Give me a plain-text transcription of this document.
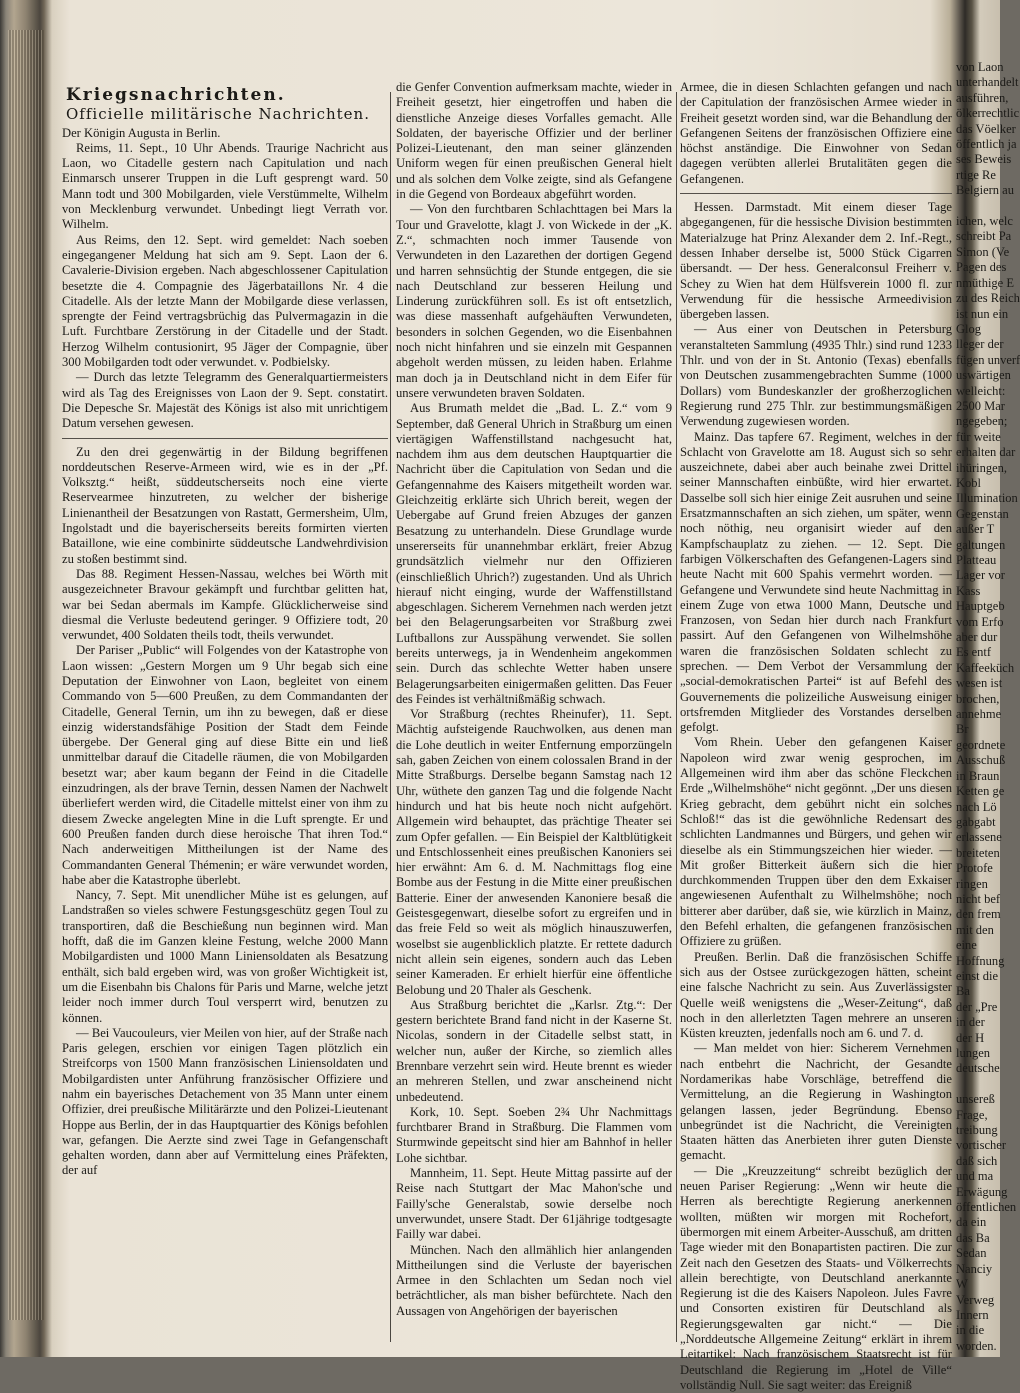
Kriegsnachrichten.
Officielle militärische Nachrichten.

Der Königin Augusta in Berlin.

Reims, 11. Sept., 10 Uhr Abends. Traurige Nachricht aus Laon, wo Citadelle gestern nach Capitulation und nach Einmarsch unserer Truppen in die Luft gesprengt ward. 50 Mann todt und 300 Mobilgarden, viele Verstümmelte, Wilhelm von Mecklenburg verwundet. Unbedingt liegt Verrath vor. Wilhelm.

Aus Reims, den 12. Sept. wird gemeldet: Nach soeben eingegangener Meldung hat sich am 9. Sept. Laon der 6. Cavalerie-Division ergeben. Nach abgeschlossener Capitulation besetzte die 4. Compagnie des Jägerbataillons Nr. 4 die Citadelle. Als der letzte Mann der Mobilgarde diese verlassen, sprengte der Feind vertragsbrüchig das Pulvermagazin in die Luft. Furchtbare Zerstörung in der Citadelle und der Stadt. Herzog Wilhelm contusionirt, 95 Jäger der Compagnie, über 300 Mobilgarden todt oder verwundet. v. Podbielsky.

— Durch das letzte Telegramm des Generalquartiermeisters wird als Tag des Ereignisses von Laon der 9. Sept. constatirt. Die Depesche Sr. Majestät des Königs ist also mit unrichtigem Datum versehen gewesen.

Zu den drei gegenwärtig in der Bildung begriffenen norddeutschen Reserve-Armeen wird, wie es in der „Pf. Volksztg.“ heißt, süddeutscherseits noch eine vierte Reservearmee hinzutreten, zu welcher der bisherige Linienantheil der Besatzungen von Rastatt, Germersheim, Ulm, Ingolstadt und die bayerischerseits bereits formirten vierten Bataillone, wie eine combinirte süddeutsche Landwehrdivision zu stoßen bestimmt sind.

Das 88. Regiment Hessen-Nassau, welches bei Wörth mit ausgezeichneter Bravour gekämpft und furchtbar gelitten hat, war bei Sedan abermals im Kampfe. Glücklicherweise sind diesmal die Verluste bedeutend geringer. 9 Offiziere todt, 20 verwundet, 400 Soldaten theils todt, theils verwundet.

Der Pariser „Public“ will Folgendes von der Katastrophe von Laon wissen: „Gestern Morgen um 9 Uhr begab sich eine Deputation der Einwohner von Laon, begleitet von einem Commando von 5—600 Preußen, zu dem Commandanten der Citadelle, General Ternin, um ihn zu bewegen, daß er diese einzig widerstandsfähige Position der Stadt dem Feinde übergebe. Der General ging auf diese Bitte ein und ließ unmittelbar darauf die Citadelle räumen, die von Mobilgarden besetzt war; aber kaum begann der Feind in die Citadelle einzudringen, als der brave Ternin, dessen Namen der Nachwelt überliefert werden wird, die Citadelle mittelst einer von ihm zu diesem Zwecke angelegten Mine in die Luft sprengte. Er und 600 Preußen fanden durch diese heroische That ihren Tod.“ Nach anderweitigen Mittheilungen ist der Name des Commandanten General Thémenin; er wäre verwundet worden, habe aber die Katastrophe überlebt.

Nancy, 7. Sept. Mit unendlicher Mühe ist es gelungen, auf Landstraßen so vieles schwere Festungsgeschütz gegen Toul zu transportiren, daß die Beschießung nun beginnen wird. Man hofft, daß die im Ganzen kleine Festung, welche 2000 Mann Mobilgardisten und 1000 Mann Liniensoldaten als Besatzung enthält, sich bald ergeben wird, was von großer Wichtigkeit ist, um die Eisenbahn bis Chalons für Paris und Marne, welche jetzt leider noch immer durch Toul versperrt wird, benutzen zu können.

— Bei Vaucouleurs, vier Meilen von hier, auf der Straße nach Paris gelegen, erschien vor einigen Tagen plötzlich ein Streifcorps von 1500 Mann französischen Liniensoldaten und Mobilgardisten unter Anführung französischer Offiziere und nahm ein bayerisches Detachement von 35 Mann unter einem Offizier, drei preußische Militärärzte und den Polizei-Lieutenant Hoppe aus Berlin, der in das Hauptquartier des Königs befohlen war, gefangen. Die Aerzte sind zwei Tage in Gefangenschaft gehalten worden, dann aber auf Vermittelung eines Präfekten, der auf

die Genfer Convention aufmerksam machte, wieder in Freiheit gesetzt, hier eingetroffen und haben die dienstliche Anzeige dieses Vorfalles gemacht. Alle Soldaten, der bayerische Offizier und der berliner Polizei-Lieutenant, den man seiner glänzenden Uniform wegen für einen preußischen General hielt und als solchen dem Volke zeigte, sind als Gefangene in die Gegend von Bordeaux abgeführt worden.

— Von den furchtbaren Schlachttagen bei Mars la Tour und Gravelotte, klagt J. von Wickede in der „K. Z.“, schmachten noch immer Tausende von Verwundeten in den Lazarethen der dortigen Gegend und harren sehnsüchtig der Stunde entgegen, die sie nach Deutschland zur besseren Heilung und Linderung zurückführen soll. Es ist oft entsetzlich, was diese massenhaft aufgehäuften Verwundeten, besonders in solchen Gegenden, wo die Eisenbahnen noch nicht hinfahren und sie einzeln mit Gespannen abgeholt werden müssen, zu leiden haben. Erlahme man doch ja in Deutschland nicht in dem Eifer für unsere verwundeten braven Soldaten.

Aus Brumath meldet die „Bad. L. Z.“ vom 9 September, daß General Uhrich in Straßburg um einen viertägigen Waffenstillstand nachgesucht hat, nachdem ihm aus dem deutschen Hauptquartier die Nachricht über die Capitulation von Sedan und die Gefangennahme des Kaisers mitgetheilt worden war. Gleichzeitig erklärte sich Uhrich bereit, wegen der Uebergabe auf Grund freien Abzuges der ganzen Besatzung zu unterhandeln. Diese Grundlage wurde unsererseits für unannehmbar erklärt, freier Abzug grundsätzlich vielmehr nur den Offizieren (einschließlich Uhrich?) zugestanden. Und als Uhrich hierauf nicht einging, wurde der Waffenstillstand abgeschlagen. Sicherem Vernehmen nach werden jetzt bei den Belagerungsarbeiten vor Straßburg zwei Luftballons zur Ausspähung verwendet. Sie sollen bereits unterwegs, ja in Wendenheim angekommen sein. Durch das schlechte Wetter haben unsere Belagerungsarbeiten einigermaßen gelitten. Das Feuer des Feindes ist verhältnißmäßig schwach.

Vor Straßburg (rechtes Rheinufer), 11. Sept. Mächtig aufsteigende Rauchwolken, aus denen man die Lohe deutlich in weiter Entfernung emporzüngeln sah, gaben Zeichen von einem colossalen Brand in der Mitte Straßburgs. Derselbe begann Samstag nach 12 Uhr, wüthete den ganzen Tag und die folgende Nacht hindurch und hat bis heute noch nicht aufgehört. Allgemein wird behauptet, das prächtige Theater sei zum Opfer gefallen. — Ein Beispiel der Kaltblütigkeit und Entschlossenheit eines preußischen Kanoniers sei hier erwähnt: Am 6. d. M. Nachmittags flog eine Bombe aus der Festung in die Mitte einer preußischen Batterie. Einer der anwesenden Kanoniere besaß die Geistesgegenwart, dieselbe sofort zu ergreifen und in das freie Feld so weit als möglich hinauszuwerfen, woselbst sie augenblicklich platzte. Er rettete dadurch nicht allein sein eigenes, sondern auch das Leben seiner Kameraden. Er erhielt hierfür eine öffentliche Belobung und 20 Thaler als Geschenk.

Aus Straßburg berichtet die „Karlsr. Ztg.“: Der gestern berichtete Brand fand nicht in der Kaserne St. Nicolas, sondern in der Citadelle selbst statt, in welcher nun, außer der Kirche, so ziemlich alles Brennbare verzehrt sein wird. Heute brennt es wieder an mehreren Stellen, und zwar anscheinend nicht unbedeutend.

Kork, 10. Sept. Soeben 2¾ Uhr Nachmittags furchtbarer Brand in Straßburg. Die Flammen vom Sturmwinde gepeitscht sind hier am Bahnhof in heller Lohe sichtbar.

Mannheim, 11. Sept. Heute Mittag passirte auf der Reise nach Stuttgart der Mac Mahon'sche und Failly'sche Generalstab, sowie derselbe noch unverwundet, unsere Stadt. Der 61jährige todtgesagte Failly war dabei.

München. Nach den allmählich hier anlangenden Mittheilungen sind die Verluste der bayerischen Armee in den Schlachten um Sedan noch viel beträchtlicher, als man bisher befürchtete. Nach den Aussagen von Angehörigen der bayerischen

Armee, die in diesen Schlachten gefangen und nach der Capitulation der französischen Armee wieder in Freiheit gesetzt worden sind, war die Behandlung der Gefangenen Seitens der französischen Offiziere eine höchst anständige. Die Einwohner von Sedan dagegen verübten allerlei Brutalitäten gegen die Gefangenen.

Hessen. Darmstadt. Mit einem dieser Tage abgegangenen, für die hessische Division bestimmten Materialzuge hat Prinz Alexander dem 2. Inf.-Regt., dessen Inhaber derselbe ist, 5000 Stück Cigarren übersandt. — Der hess. Generalconsul Freiherr v. Schey zu Wien hat dem Hülfsverein 1000 fl. zur Verwendung für die hessische Armeedivision übergeben lassen.

— Aus einer von Deutschen in Petersburg veranstalteten Sammlung (4935 Thlr.) sind rund 1233 Thlr. und von der in St. Antonio (Texas) ebenfalls von Deutschen zusammengebrachten Summe (1000 Dollars) vom Bundeskanzler der großherzoglichen Regierung rund 275 Thlr. zur bestimmungsmäßigen Verwendung zugewiesen worden.

Mainz. Das tapfere 67. Regiment, welches in der Schlacht von Gravelotte am 18. August sich so sehr auszeichnete, dabei aber auch beinahe zwei Drittel seiner Mannschaften einbüßte, wird hier erwartet. Dasselbe soll sich hier einige Zeit ausruhen und seine Ersatzmannschaften an sich ziehen, um später, wenn noch nöthig, neu organisirt wieder auf den Kampfschauplatz zu ziehen. — 12. Sept. Die farbigen Völkerschaften des Gefangenen-Lagers sind heute Nacht mit 600 Spahis vermehrt worden. — Gefangene und Verwundete sind heute Nachmittag in einem Zuge von etwa 1000 Mann, Deutsche und Franzosen, von Sedan hier durch nach Frankfurt passirt. Auf den Gefangenen von Wilhelmshöhe waren die französischen Soldaten schlecht zu sprechen. — Dem Verbot der Versammlung der „social-demokratischen Partei“ ist auf Befehl des Gouvernements die polizeiliche Ausweisung einiger ortsfremden Mitglieder des Vorstandes derselben gefolgt.

Vom Rhein. Ueber den gefangenen Kaiser Napoleon wird zwar wenig gesprochen, im Allgemeinen wird ihm aber das schöne Fleckchen Erde „Wilhelmshöhe“ nicht gegönnt. „Der uns diesen Krieg gebracht, dem gebührt nicht ein solches Schloß!“ das ist die gewöhnliche Redensart des schlichten Landmannes und Bürgers, und gehen wir dieselbe als ein Stimmungszeichen hier wieder. — Mit großer Bitterkeit äußern sich die hier durchkommenden Truppen über den dem Exkaiser angewiesenen Aufenthalt zu Wilhelmshöhe; noch bitterer aber darüber, daß sie, wie kürzlich in Mainz, den Befehl erhalten, die gefangenen französischen Offiziere zu grüßen.

Preußen. Berlin. Daß die französischen Schiffe sich aus der Ostsee zurückgezogen hätten, scheint eine falsche Nachricht zu sein. Aus Zuverlässigster Quelle weiß wenigstens die „Weser-Zeitung“, daß noch in den allerletzten Tagen mehrere an unseren Küsten kreuzten, jedenfalls noch am 6. und 7. d.

— Man meldet von hier: Sicherem Vernehmen nach entbehrt die Nachricht, der Gesandte Nordamerikas habe Vorschläge, betreffend die Vermittelung, an die Regierung in Washington gelangen lassen, jeder Begründung. Ebenso unbegründet ist die Nachricht, die Vereinigten Staaten hätten das Anerbieten ihrer guten Dienste gemacht.

— Die „Kreuzzeitung“ schreibt bezüglich der neuen Pariser Regierung: „Wenn wir heute die Herren als berechtigte Regierung anerkennen wollten, müßten wir morgen mit Rochefort, übermorgen mit einem Arbeiter-Ausschuß, am dritten Tage wieder mit den Bonapartisten pactiren. Die zur Zeit nach den Gesetzen des Staats- und Völkerrechts allein berechtigte, von Deutschland anerkannte Regierung ist die des Kaisers Napoleon. Jules Favre und Consorten existiren für Deutschland als Regierungsgewalten gar nicht.“ — Die „Norddeutsche Allgemeine Zeitung“ erklärt in ihrem Leitartikel: Nach französischem Staatsrecht ist für Deutschland die Regierung im „Hotel de Ville“ vollständig Null. Sie sagt weiter: das Ereigniß

von Laon
unterhandelt
ausführen,
ölkerrechtlic
das Vöelker
öffentlich ja
ses Beweis
rtige Re
Belgiern au

ichen, welc
schreibt Pa
Simon (Ve
Pagen des
nmüthige E
zu des Reich
ist nun ein
Glog
lleger der
fügen unverf
uswärtigen
welleicht:
2500 Mar
ngegeben;
für weite
erhalten dar
ihüringen,
Kobl
Illumination
Gegenstan
außer T
galtungen
Platteau
Lager vor
Kass
Hauptgeb
vom Erfo
aber dur
Es entf
Kaffeeküch
wesen ist
brochen,
annehme
Br
geordnete
Ausschuß
in Braun
Ketten ge
nach Lö
gabgabt
erlassene
breiteten
Protofe
ringen
nicht bef
den frem
mit den
eine
Hoffnung
einst die
Ba
der „Pre
in der
der H
lungen
deutsche

unsereß
Frage,
treibung
vortischer
daß sich
und ma
Erwägung
öffentlichen
da ein
das Ba
Sedan
Nanciy
W
Verweg
Innern
in die
worden.
